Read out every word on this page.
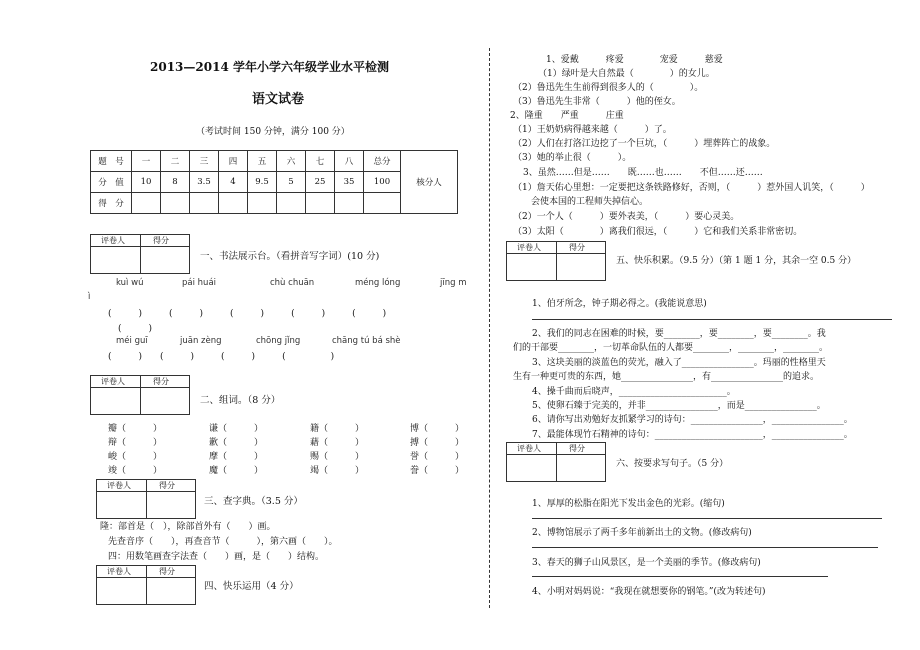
2013—2014 学年小学六年级学业水平检测
语文试卷
（考试时间 150 分钟，满分 100 分）
题　号	一	二	三	四	五	六	七	八	总分	核分人
分　值	10	8	3.5	4	9.5	5	25	35	100	
得　分										
评卷人	得分
一、书法展示台。（看拼音写字词）(10 分)
kuì wú	pái huái	chù chuān	méng lóng	jīng m
ì
(　　　)　　　(　　　)　　　(　　　)　　　(　　　)　　　(　　　)
(　　　)
méi guī	juān zèng	chōng jǐng	chāng tú bá shè
(　　　)　　(　　　)　　　(　　　)　　　(　　　　　)
评卷人	得分
二、组词。（8 分）
瓣（　　　）	谦（　　　）	籍（　　　）	博（　　　）
辩（　　　）	歉（　　　）	藉（　　　）	搏（　　　）
峻（　　　）	摩（　　　）	赐（　　　）	誉（　　　）
竣（　　　）	魔（　　　）	竭（　　　）	誊（　　　）
评卷人	得分
三、查字典。（3.5 分）
隆：部首是（　），除部首外有（　　）画。
　　先查音序（　　），再查音节（　　　），第六画（　　）。
　　四：用数笔画查字法查（　　）画，是（　　）结构。
评卷人	得分
四、快乐运用（4 分）
1、爱戴　　　疼爱　　　　宠爱　　　慈爱
（1）绿叶是大自然最（　　　　）的女儿。
（2）鲁迅先生生前得到很多人的（　　　　）。
（3）鲁迅先生非常（　　　）他的侄女。
2、隆重　　严重　　　庄重
（1）王奶奶病得越来越（　　　）了。
（2）人们在打洛江边挖了一个巨坑，（　　　）埋葬阵亡的战象。
（3）她的举止很（　　　）。
3、虽然……但是……　　既……也……　　不但……还……
（1）詹天佑心里想：一定要把这条铁路修好，否则，（　　　）惹外国人讥笑，（　　　）
　　会使本国的工程师失掉信心。
（2）一个人（　　　）要外表美，（　　　）要心灵美。
（3）太阳（　　　　）离我们很远，（　　　）它和我们关系非常密切。
评卷人	得分
五、快乐积累。（9.5 分）（第 1 题 1 分，其余一空 0.5 分）
1、伯牙所念，钟子期必得之。(我能说意思)
2、我们的同志在困难的时候，要________，要________，要________。我
们的干部要________，一切革命队伍的人都要________，________，________。
3、这块美丽的淡蓝色的荧光，融入了________________。玛丽的性格里天
生有一种更可贵的东西，她________________，有________________的追求。
4、操千曲而后晓声，________________________。
5、使卵石臻于完美的，并非________________，而是________________。
6、请你写出劝勉好友抓紧学习的诗句：________________，________________。
7、最能体现竹石精神的诗句：________________________，________________。
评卷人	得分
六、按要求写句子。（5 分）
1、厚厚的松脂在阳光下发出金色的光彩。(缩句)
2、博物馆展示了两千多年前新出土的文物。(修改病句)
3、春天的狮子山风景区，是一个美丽的季节。(修改病句)
4、小明对妈妈说：“我现在就想要你的钢笔。”(改为转述句)
